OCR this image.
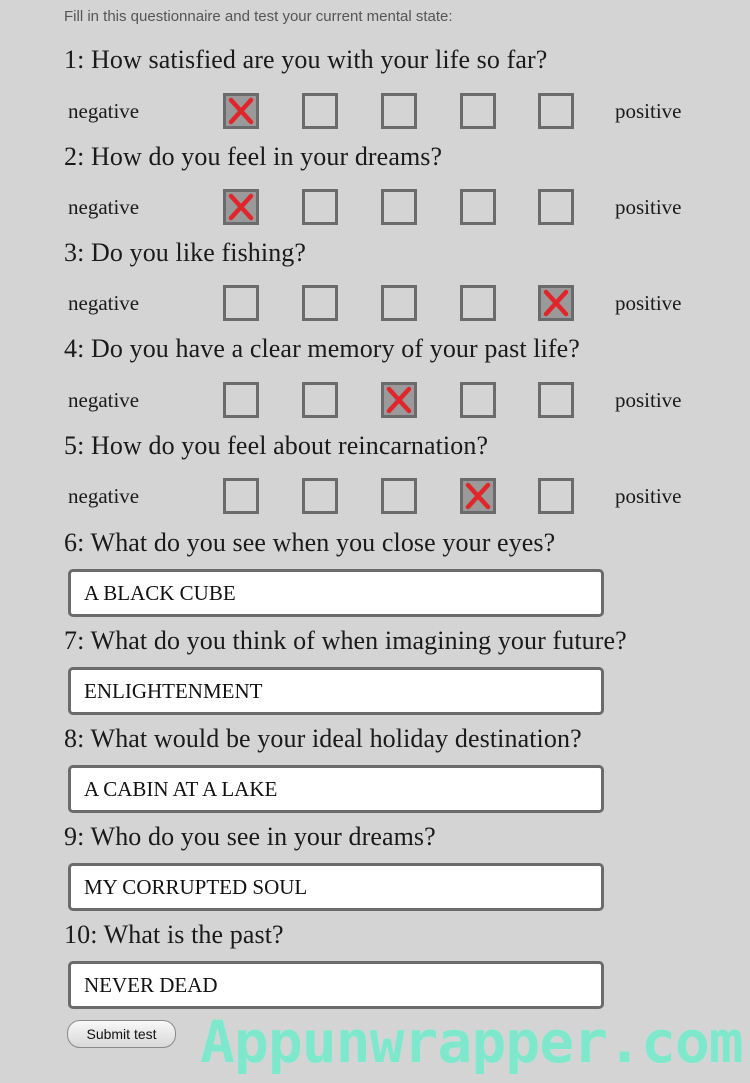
Fill in this questionnaire and test your current mental state:
1: How satisfied are you with your life so far?
negative	positive
2: How do you feel in your dreams?
negative	positive
3: Do you like fishing?
negative	positive
4: Do you have a clear memory of your past life?
negative	positive
5: How do you feel about reincarnation?
negative	positive
6: What do you see when you close your eyes?
A BLACK CUBE
7: What do you think of when imagining your future?
ENLIGHTENMENT
8: What would be your ideal holiday destination?
A CABIN AT A LAKE
9: Who do you see in your dreams?
MY CORRUPTED SOUL
10: What is the past?
NEVER DEAD
Submit test Appunwrapper.com
